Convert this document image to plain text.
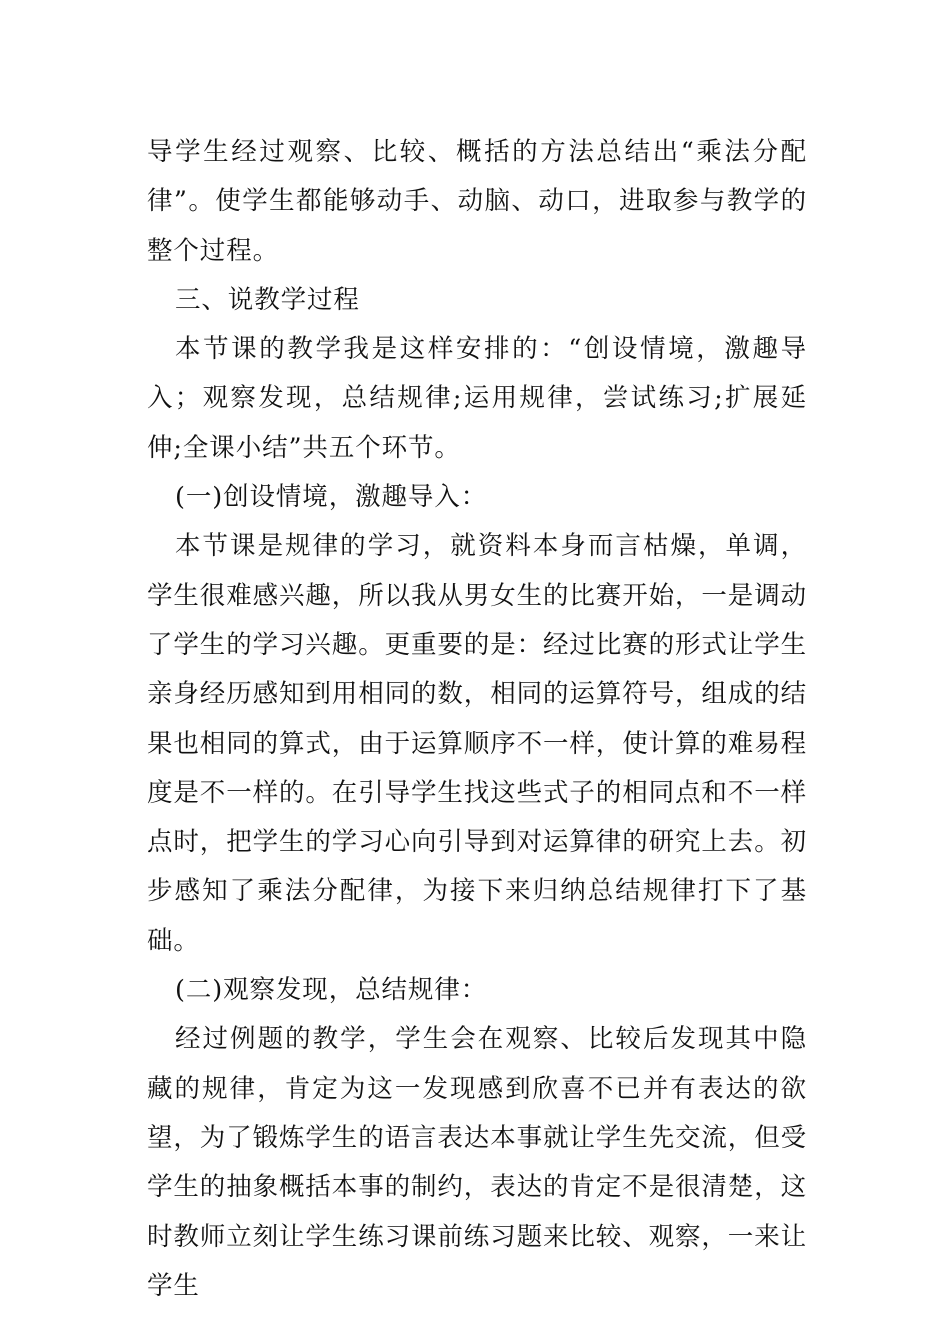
导学生经过观察、比较、概括的方法总结出“乘法分配律”。使学生都能够动手、动脑、动口，进取参与教学的整个过程。

三、说教学过程

本节课的教学我是这样安排的：“创设情境，激趣导入；观察发现，总结规律;运用规律，尝试练习;扩展延伸;全课小结”共五个环节。

(一)创设情境，激趣导入：

本节课是规律的学习，就资料本身而言枯燥，单调，学生很难感兴趣，所以我从男女生的比赛开始，一是调动了学生的学习兴趣。更重要的是：经过比赛的形式让学生亲身经历感知到用相同的数，相同的运算符号，组成的结果也相同的算式，由于运算顺序不一样，使计算的难易程度是不一样的。在引导学生找这些式子的相同点和不一样点时，把学生的学习心向引导到对运算律的研究上去。初步感知了乘法分配律，为接下来归纳总结规律打下了基础。

(二)观察发现，总结规律：

经过例题的教学，学生会在观察、比较后发现其中隐藏的规律，肯定为这一发现感到欣喜不已并有表达的欲望，为了锻炼学生的语言表达本事就让学生先交流，但受学生的抽象概括本事的制约，表达的肯定不是很清楚，这时教师立刻让学生练习课前练习题来比较、观察，一来让学生
